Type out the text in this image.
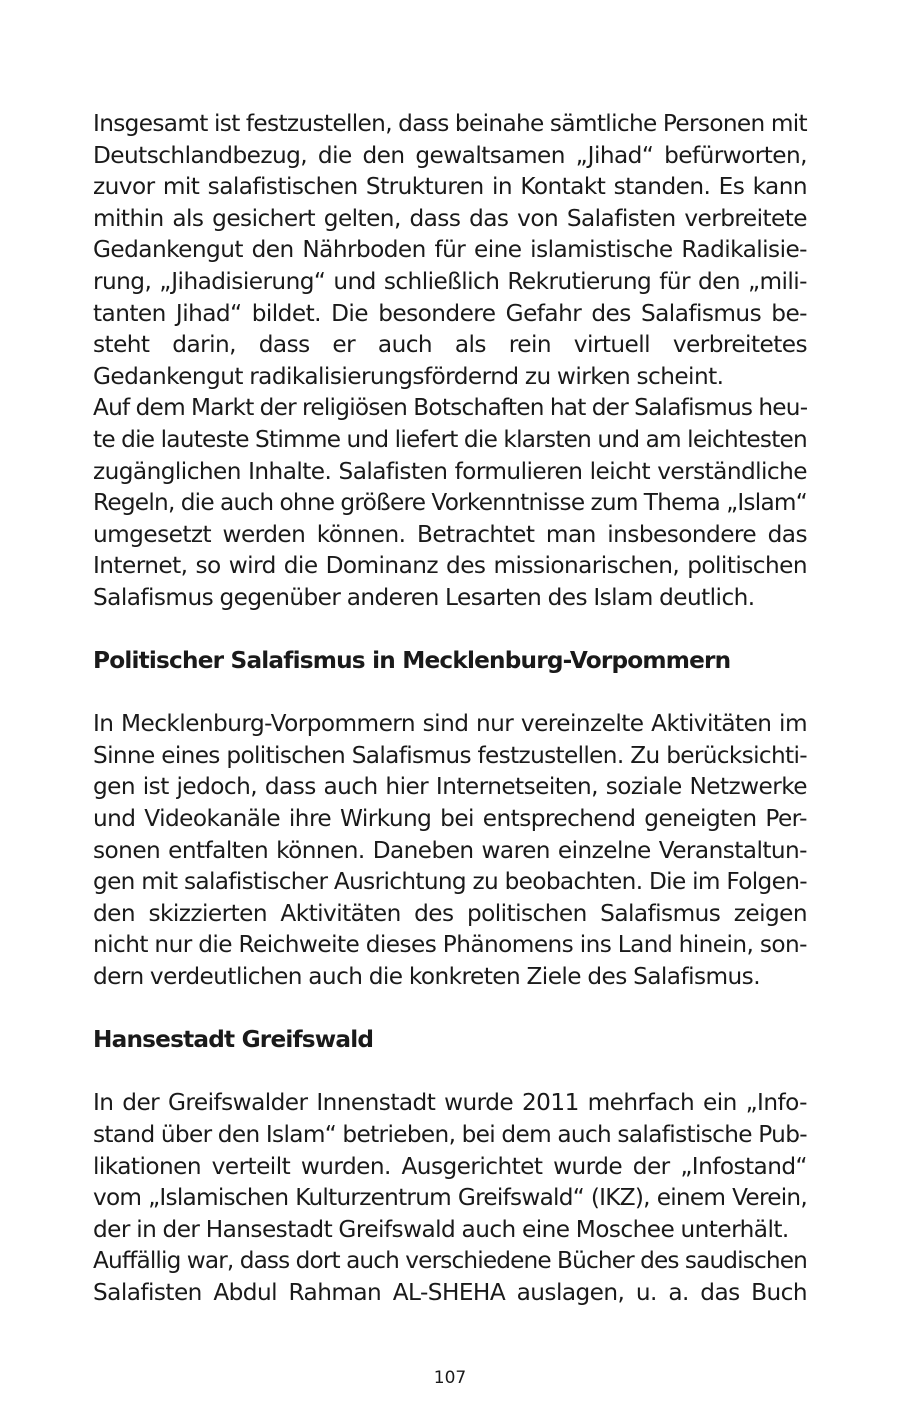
Insgesamt ist festzustellen, dass beinahe sämtliche Personen mit
Deutschlandbezug, die den gewaltsamen „Jihad“ befürworten,
zuvor mit salafistischen Strukturen in Kontakt standen. Es kann
mithin als gesichert gelten, dass das von Salafisten verbreitete
Gedankengut den Nährboden für eine islamistische Radikalisie-
rung, „Jihadisierung“ und schließlich Rekrutierung für den „mili-
tanten Jihad“ bildet. Die besondere Gefahr des Salafismus be-
steht darin, dass er auch als rein virtuell verbreitetes
Gedankengut radikalisierungsfördernd zu wirken scheint.
Auf dem Markt der religiösen Botschaften hat der Salafismus heu-
te die lauteste Stimme und liefert die klarsten und am leichtesten
zugänglichen Inhalte. Salafisten formulieren leicht verständliche
Regeln, die auch ohne größere Vorkenntnisse zum Thema „Islam“
umgesetzt werden können. Betrachtet man insbesondere das
Internet, so wird die Dominanz des missionarischen, politischen
Salafismus gegenüber anderen Lesarten des Islam deutlich.
Politischer Salafismus in Mecklenburg-Vorpommern
In Mecklenburg-Vorpommern sind nur vereinzelte Aktivitäten im
Sinne eines politischen Salafismus festzustellen. Zu berücksichti-
gen ist jedoch, dass auch hier Internetseiten, soziale Netzwerke
und Videokanäle ihre Wirkung bei entsprechend geneigten Per-
sonen entfalten können. Daneben waren einzelne Veranstaltun-
gen mit salafistischer Ausrichtung zu beobachten. Die im Folgen-
den skizzierten Aktivitäten des politischen Salafismus zeigen
nicht nur die Reichweite dieses Phänomens ins Land hinein, son-
dern verdeutlichen auch die konkreten Ziele des Salafismus.
Hansestadt Greifswald
In der Greifswalder Innenstadt wurde 2011 mehrfach ein „Info-
stand über den Islam“ betrieben, bei dem auch salafistische Pub-
likationen verteilt wurden. Ausgerichtet wurde der „Infostand“
vom „Islamischen Kulturzentrum Greifswald“ (IKZ), einem Verein,
der in der Hansestadt Greifswald auch eine Moschee unterhält.
Auffällig war, dass dort auch verschiedene Bücher des saudischen
Salafisten Abdul Rahman AL-SHEHA auslagen, u. a. das Buch
107
